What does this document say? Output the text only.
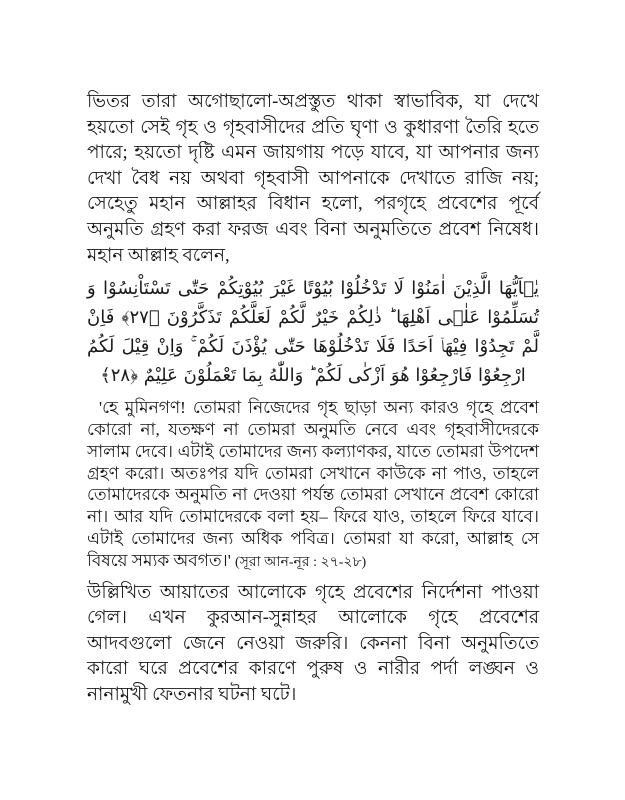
ভিতর তারা অগোছালো-অপ্রস্তুত থাকা স্বাভাবিক, যা দেখে হয়তো সেই গৃহ ও গৃহবাসীদের প্রতি ঘৃণা ও কুধারণা তৈরি হতে পারে; হয়তো দৃষ্টি এমন জায়গায় পড়ে যাবে, যা আপনার জন্য দেখা বৈধ নয় অথবা গৃহবাসী আপনাকে দেখাতে রাজি নয়; সেহেতু মহান আল্লাহর বিধান হলো, পরগৃহে প্রবেশের পূর্বে অনুমতি গ্রহণ করা ফরজ এবং বিনা অনুমতিতে প্রবেশ নিষেধ। মহান আল্লাহ বলেন,

يٰۤاَيُّهَا الَّذِيْنَ اٰمَنُوْا لَا تَدْخُلُوْا بُيُوْتًا غَيْرَ بُيُوْتِكُمْ حَتّٰى تَسْتَاْنِسُوْا وَ تُسَلِّمُوْا عَلٰۤى اَهْلِهَا ؕ ذٰلِكُمْ خَيْرٌ لَّكُمْ لَعَلَّكُمْ تَذَكَّرُوْنَ ﴿٢٧﴾ فَاِنْ لَّمْ تَجِدُوْا فِيْهَاۤ اَحَدًا فَلَا تَدْخُلُوْهَا حَتّٰى يُؤْذَنَ لَكُمْ ۚ وَاِنْ قِيْلَ لَكُمُ ارْجِعُوْا فَارْجِعُوْا هُوَ اَزْكٰى لَكُمْ ؕ وَاللّٰهُ بِمَا تَعْمَلُوْنَ عَلِيْمٌ ﴿٢٨﴾

'হে মুমিনগণ! তোমরা নিজেদের গৃহ ছাড়া অন্য কারও গৃহে প্রবেশ কোরো না, যতক্ষণ না তোমরা অনুমতি নেবে এবং গৃহবাসীদেরকে সালাম দেবে। এটাই তোমাদের জন্য কল্যাণকর, যাতে তোমরা উপদেশ গ্রহণ করো। অতঃপর যদি তোমরা সেখানে কাউকে না পাও, তাহলে তোমাদেরকে অনুমতি না দেওয়া পর্যন্ত তোমরা সেখানে প্রবেশ কোরো না। আর যদি তোমাদেরকে বলা হয়– ফিরে যাও, তাহলে ফিরে যাবে। এটাই তোমাদের জন্য অধিক পবিত্র। তোমরা যা করো, আল্লাহ সে বিষয়ে সম্যক অবগত।' (সূরা আন-নূর : ২৭-২৮)

উল্লিখিত আয়াতের আলোকে গৃহে প্রবেশের নির্দেশনা পাওয়া গেল। এখন কুরআন-সুন্নাহর আলোকে গৃহে প্রবেশের আদবগুলো জেনে নেওয়া জরুরি। কেননা বিনা অনুমতিতে কারো ঘরে প্রবেশের কারণে পুরুষ ও নারীর পর্দা লঙ্ঘন ও নানামুখী ফেতনার ঘটনা ঘটে।
